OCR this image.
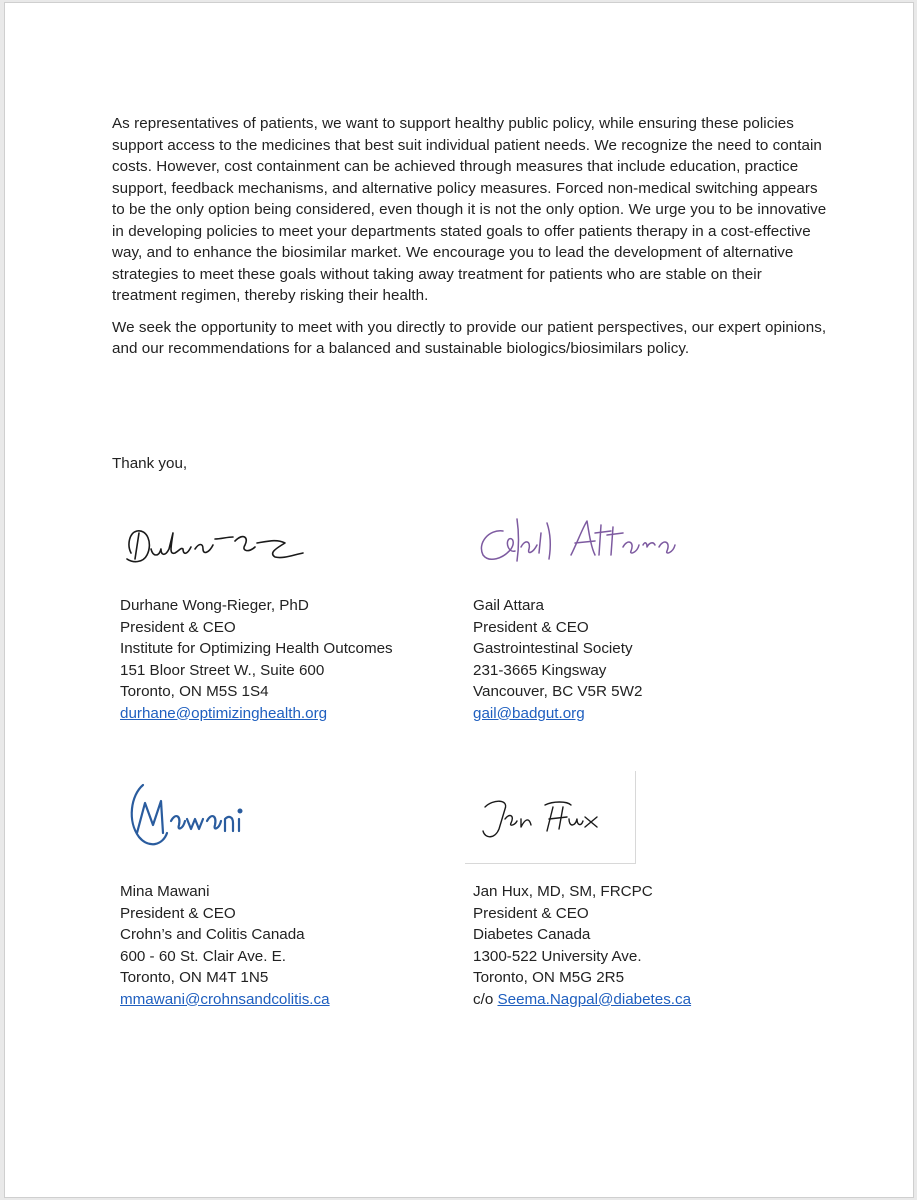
As representatives of patients, we want to support healthy public policy, while ensuring these policies support access to the medicines that best suit individual patient needs. We recognize the need to contain costs. However, cost containment can be achieved through measures that include education, practice support, feedback mechanisms, and alternative policy measures. Forced non-medical switching appears to be the only option being considered, even though it is not the only option. We urge you to be innovative in developing policies to meet your departments stated goals to offer patients therapy in a cost-effective way, and to enhance the biosimilar market. We encourage you to lead the development of alternative strategies to meet these goals without taking away treatment for patients who are stable on their treatment regimen, thereby risking their health.

We seek the opportunity to meet with you directly to provide our patient perspectives, our expert opinions, and our recommendations for a balanced and sustainable biologics/biosimilars policy.

Thank you,
Durhane Wong-Rieger, PhD
President & CEO
Institute for Optimizing Health Outcomes
151 Bloor Street W., Suite 600
Toronto, ON M5S 1S4
durhane@optimizinghealth.org
Gail Attara
President & CEO
Gastrointestinal Society
231-3665 Kingsway
Vancouver, BC V5R 5W2
gail@badgut.org
Mina Mawani
President & CEO
Crohn’s and Colitis Canada
600 - 60 St. Clair Ave. E.
Toronto, ON M4T 1N5
mmawani@crohnsandcolitis.ca
Jan Hux, MD, SM, FRCPC
President & CEO
Diabetes Canada
1300-522 University Ave.
Toronto, ON M5G 2R5
c/o Seema.Nagpal@diabetes.ca
